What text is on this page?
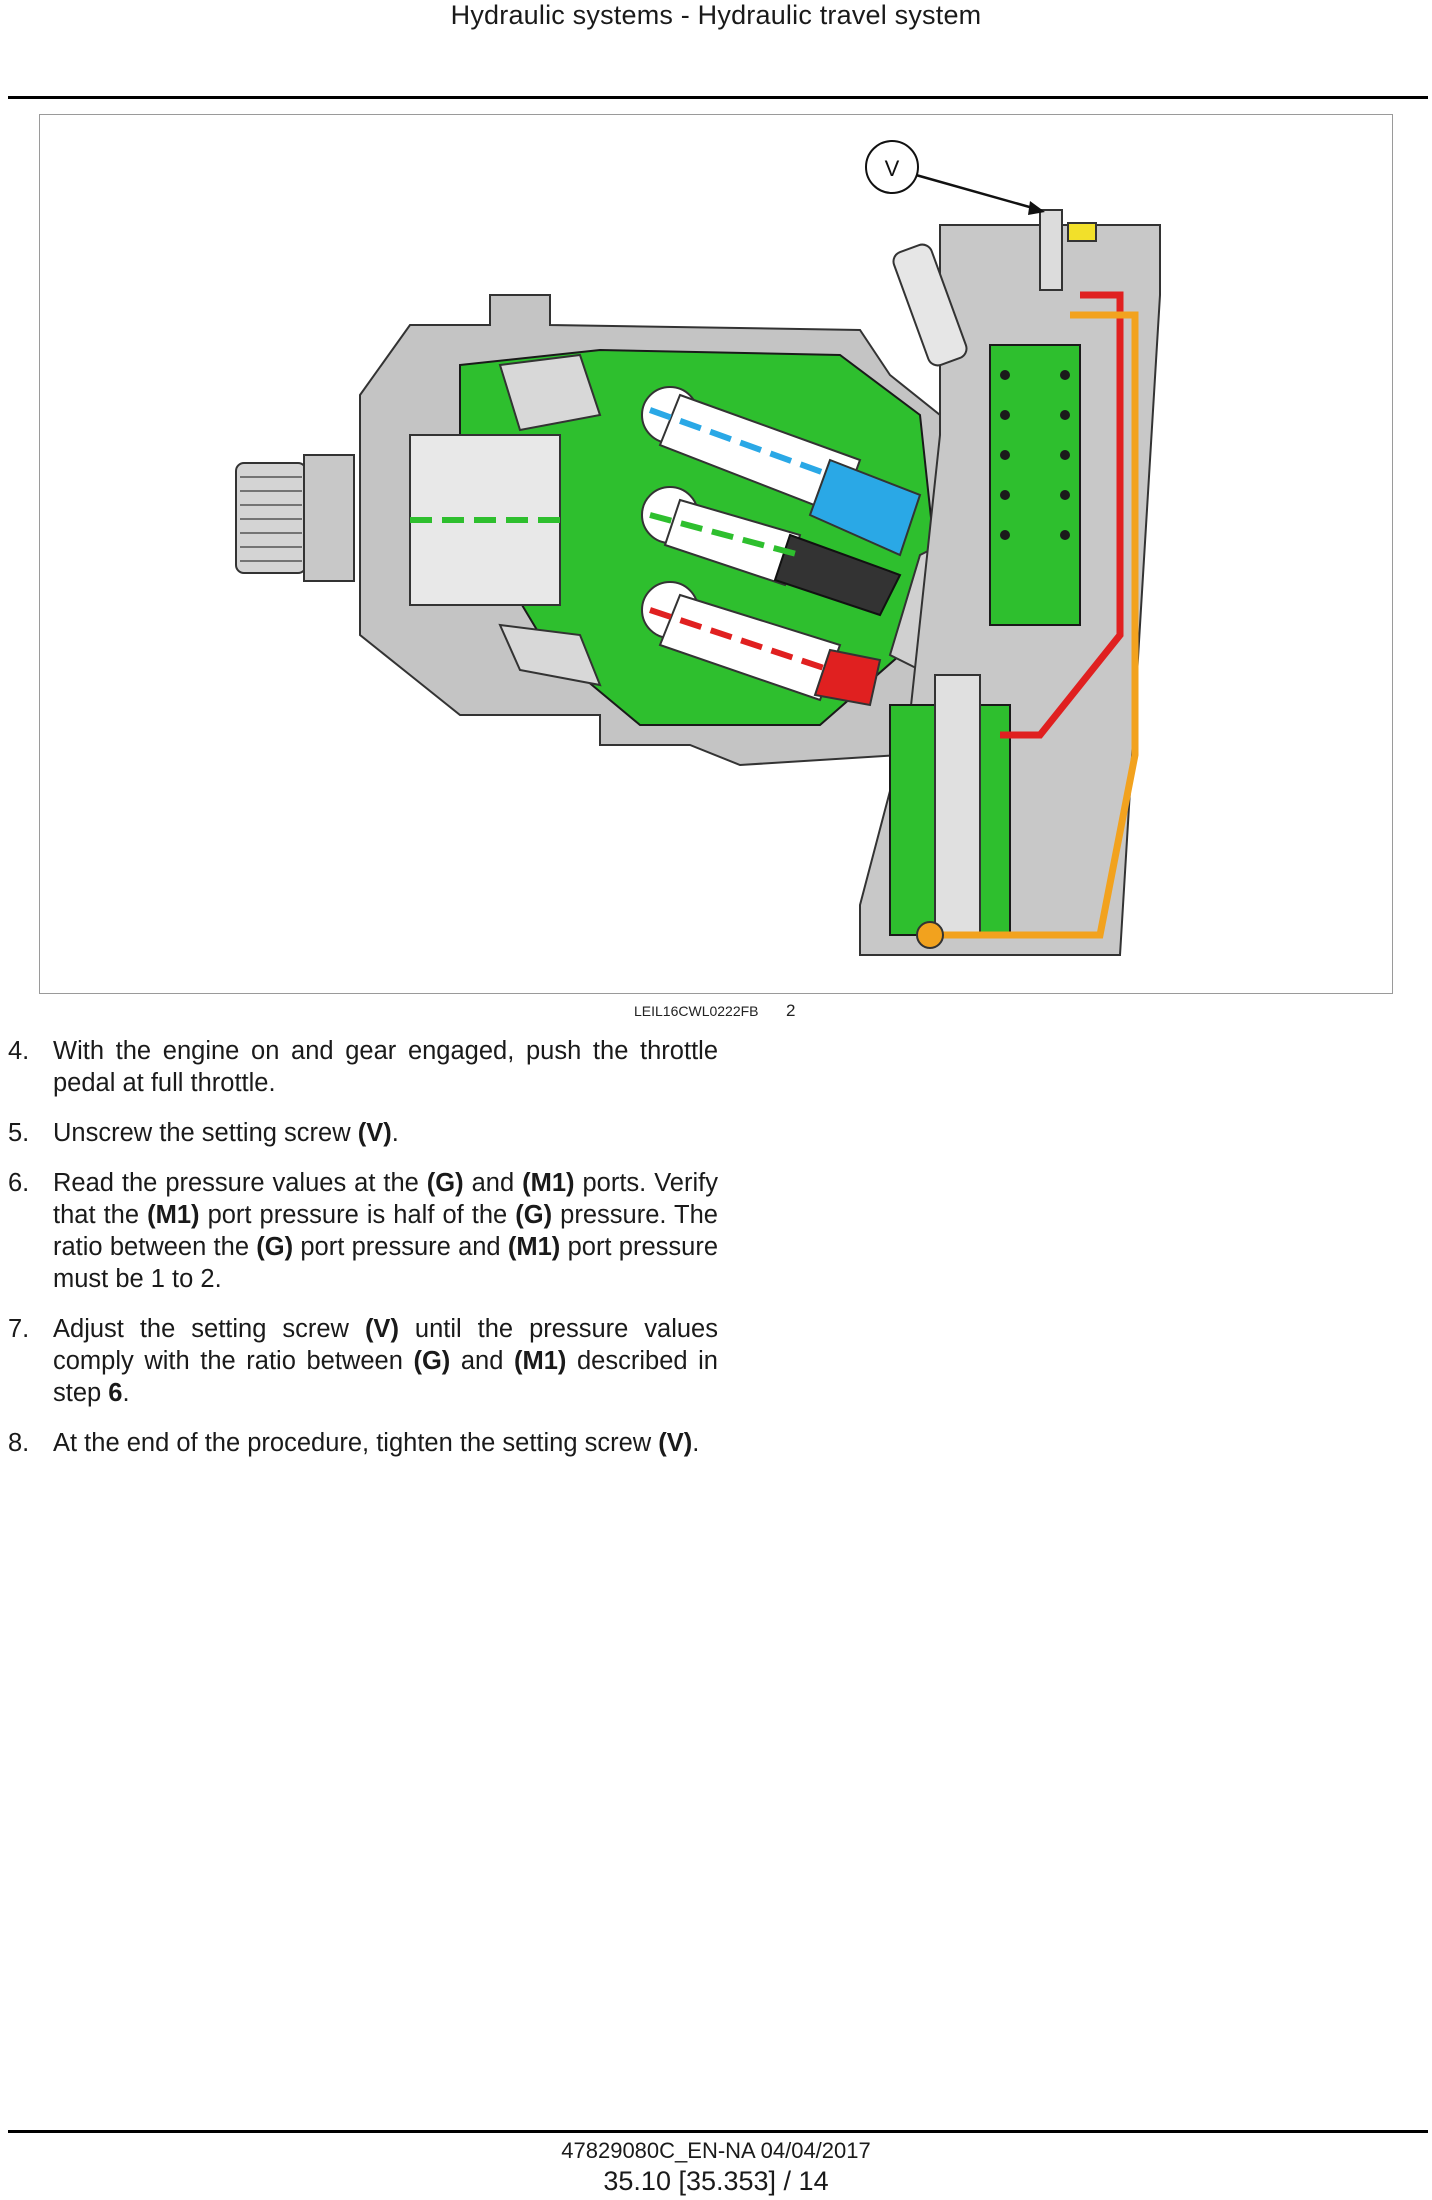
Hydraulic systems - Hydraulic travel system
V
LEIL16CWL0222FB 2
4. With the engine on and gear engaged, push the throttle pedal at full throttle.
5. Unscrew the setting screw (V).
6. Read the pressure values at the (G) and (M1) ports. Verify that the (M1) port pressure is half of the (G) pressure. The ratio between the (G) port pressure and (M1) port pressure must be 1 to 2.
7. Adjust the setting screw (V) until the pressure values comply with the ratio between (G) and (M1) described in step 6.
8. At the end of the procedure, tighten the setting screw (V).
47829080C_EN-NA 04/04/2017
35.10 [35.353] / 14
